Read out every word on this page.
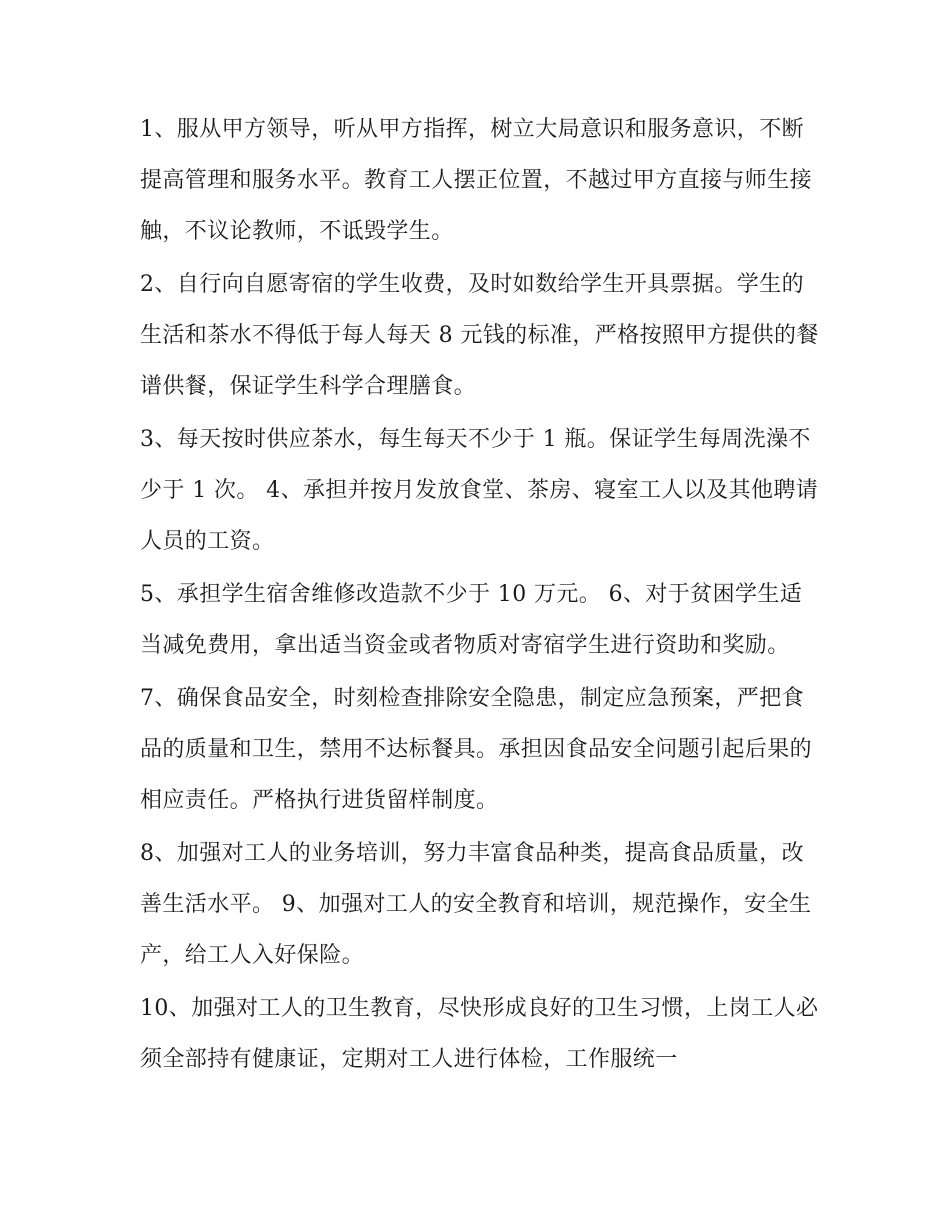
1、服从甲方领导，听从甲方指挥，树立大局意识和服务意识，不断提高管理和服务水平。教育工人摆正位置，不越过甲方直接与师生接触，不议论教师，不诋毁学生。

2、自行向自愿寄宿的学生收费，及时如数给学生开具票据。学生的生活和茶水不得低于每人每天 8 元钱的标准，严格按照甲方提供的餐谱供餐，保证学生科学合理膳食。

3、每天按时供应茶水，每生每天不少于 1 瓶。保证学生每周洗澡不少于 1 次。 4、承担并按月发放食堂、茶房、寝室工人以及其他聘请人员的工资。

5、承担学生宿舍维修改造款不少于 10 万元。 6、对于贫困学生适当减免费用，拿出适当资金或者物质对寄宿学生进行资助和奖励。

7、确保食品安全，时刻检查排除安全隐患，制定应急预案，严把食品的质量和卫生，禁用不达标餐具。承担因食品安全问题引起后果的相应责任。严格执行进货留样制度。

8、加强对工人的业务培训，努力丰富食品种类，提高食品质量，改善生活水平。 9、加强对工人的安全教育和培训，规范操作，安全生产，给工人入好保险。

10、加强对工人的卫生教育，尽快形成良好的卫生习惯，上岗工人必须全部持有健康证，定期对工人进行体检，工作服统一
